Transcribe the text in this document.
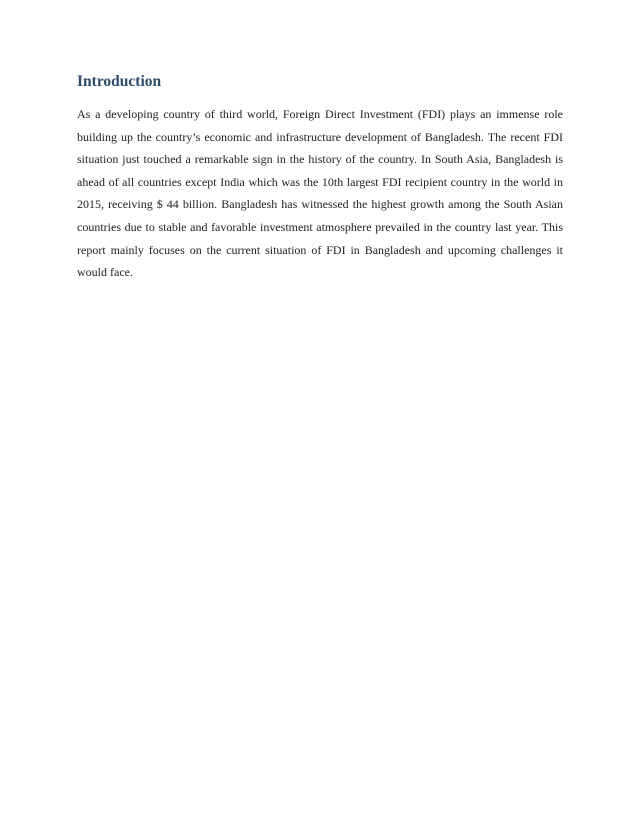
Introduction

As a developing country of third world, Foreign Direct Investment (FDI) plays an immense role building up the country’s economic and infrastructure development of Bangladesh. The recent FDI situation just touched a remarkable sign in the history of the country. In South Asia, Bangladesh is ahead of all countries except India which was the 10th largest FDI recipient country in the world in 2015, receiving $ 44 billion. Bangladesh has witnessed the highest growth among the South Asian countries due to stable and favorable investment atmosphere prevailed in the country last year. This report mainly focuses on the current situation of FDI in Bangladesh and upcoming challenges it would face.
